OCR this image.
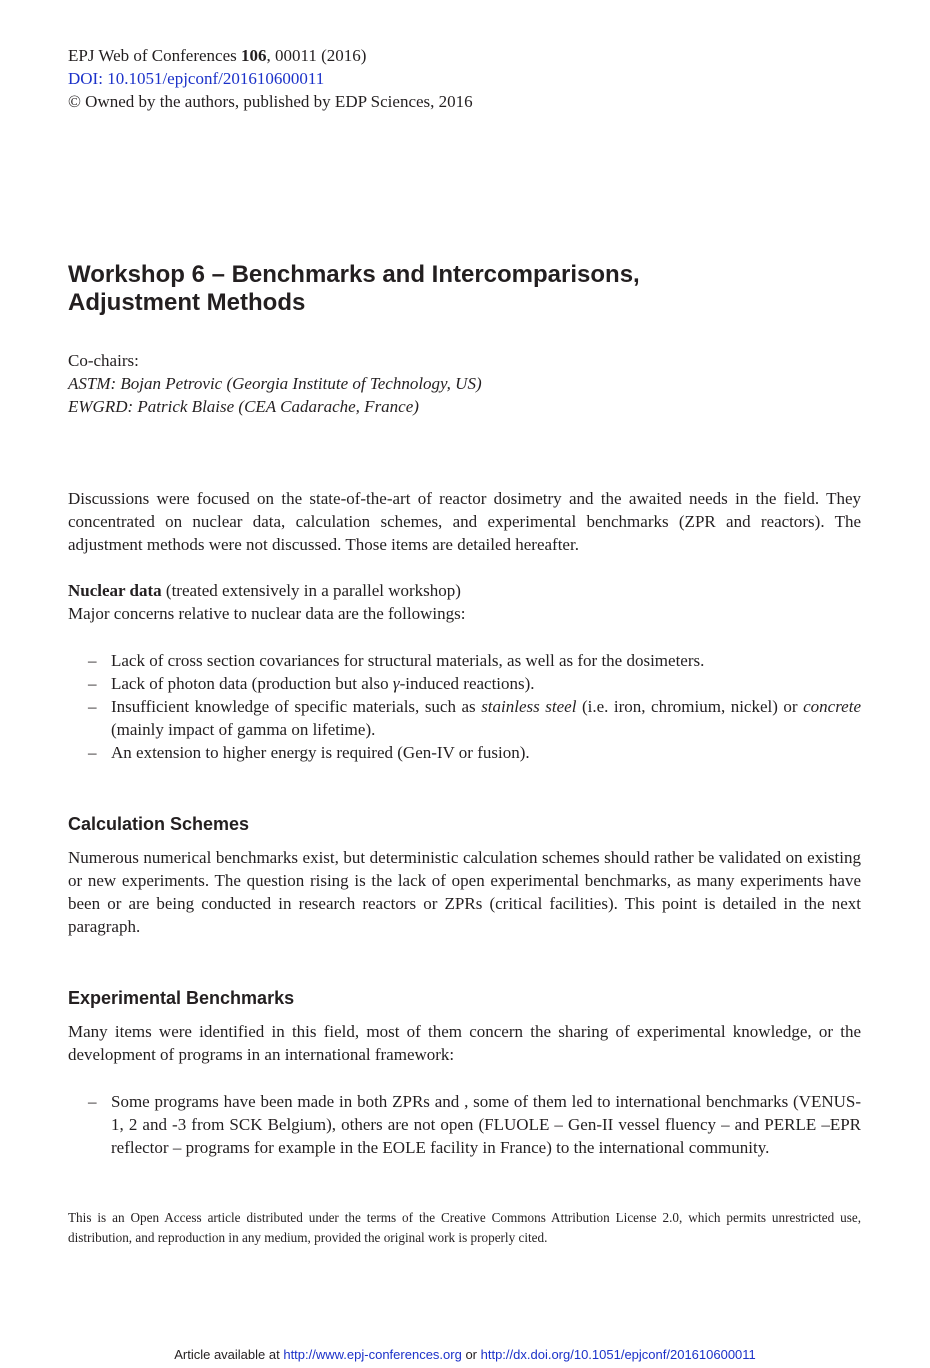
EPJ Web of Conferences 106, 00011 (2016)
DOI: 10.1051/epjconf/201610600011
© Owned by the authors, published by EDP Sciences, 2016
Workshop 6 – Benchmarks and Intercomparisons,
Adjustment Methods
Co-chairs:
ASTM: Bojan Petrovic (Georgia Institute of Technology, US)
EWGRD: Patrick Blaise (CEA Cadarache, France)
Discussions were focused on the state-of-the-art of reactor dosimetry and the awaited needs in the field. They concentrated on nuclear data, calculation schemes, and experimental benchmarks (ZPR and reactors). The adjustment methods were not discussed. Those items are detailed hereafter.
Nuclear data (treated extensively in a parallel workshop)
Major concerns relative to nuclear data are the followings:
– Lack of cross section covariances for structural materials, as well as for the dosimeters.
– Lack of photon data (production but also γ-induced reactions).
– Insufficient knowledge of specific materials, such as stainless steel (i.e. iron, chromium, nickel) or concrete (mainly impact of gamma on lifetime).
– An extension to higher energy is required (Gen-IV or fusion).
Calculation Schemes
Numerous numerical benchmarks exist, but deterministic calculation schemes should rather be validated on existing or new experiments. The question rising is the lack of open experimental benchmarks, as many experiments have been or are being conducted in research reactors or ZPRs (critical facilities). This point is detailed in the next paragraph.
Experimental Benchmarks
Many items were identified in this field, most of them concern the sharing of experimental knowledge, or the development of programs in an international framework:
– Some programs have been made in both ZPRs and , some of them led to international benchmarks (VENUS-1, 2 and -3 from SCK Belgium), others are not open (FLUOLE – Gen-II vessel fluency – and PERLE –EPR reflector – programs for example in the EOLE facility in France) to the international community.
This is an Open Access article distributed under the terms of the Creative Commons Attribution License 2.0, which permits unrestricted use, distribution, and reproduction in any medium, provided the original work is properly cited.
Article available at http://www.epj-conferences.org or http://dx.doi.org/10.1051/epjconf/201610600011
